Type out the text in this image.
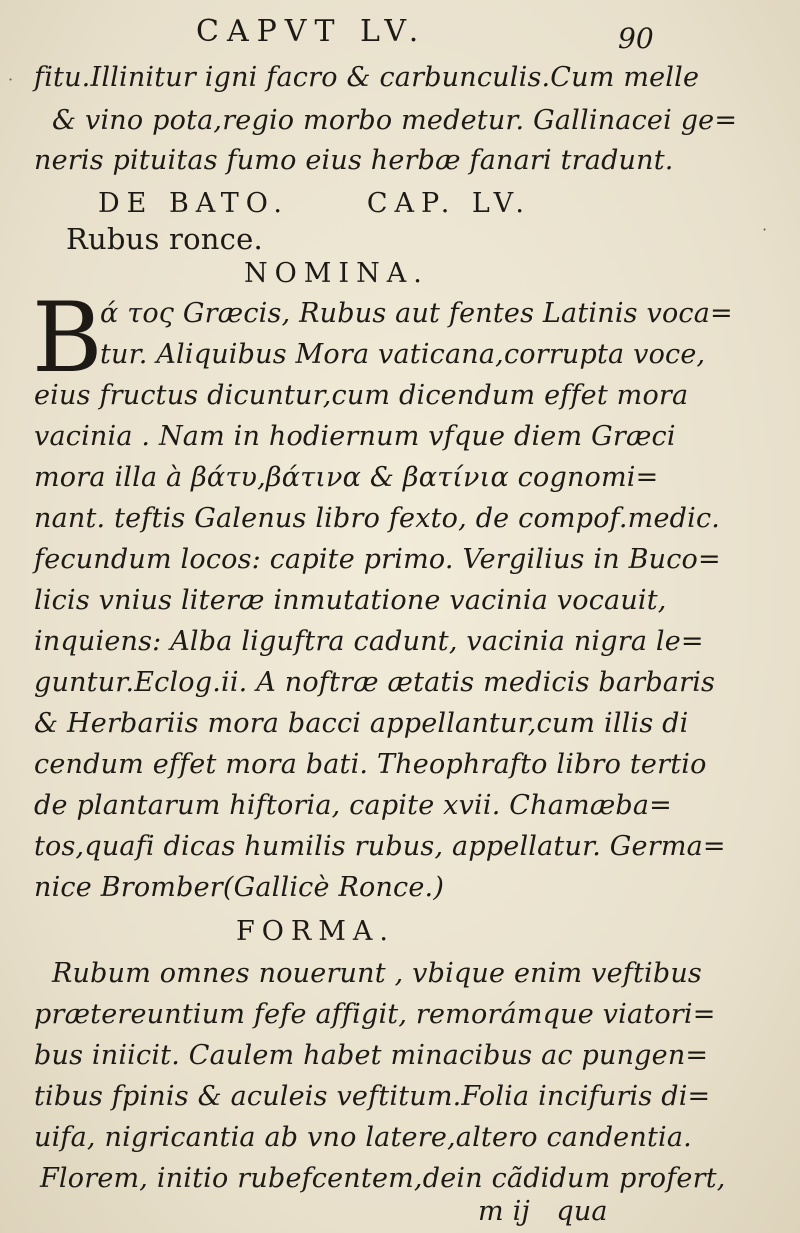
CAPVT LV.	90
fitu.Illinitur igni facro & carbunculis.Cum melle
& vino pota,regio morbo medetur. Gallinacei ge=
neris pituitas fumo eius herbæ fanari tradunt.
DE BATO.     CAP. LV.
Rubus ronce.
NOMINA.
B
ά τος Græcis, Rubus aut fentes Latinis voca=
tur. Aliquibus Mora vaticana,corrupta voce,
eius fructus dicuntur,cum dicendum effet mora
vacinia . Nam in hodiernum vfque diem Græci
mora illa à βάτυ,βάτινα & βατίνια cognomi=
nant. teftis Galenus libro fexto, de compof.medic.
fecundum locos: capite primo. Vergilius in Buco=
licis vnius literæ inmutatione vacinia vocauit,
inquiens: Alba liguftra cadunt, vacinia nigra le=
guntur.Eclog.ii. A noftræ ætatis medicis barbaris
& Herbariis mora bacci appellantur,cum illis di
cendum effet mora bati. Theophrafto libro tertio
de plantarum hiftoria, capite xvii. Chamæba=
tos,quafi dicas humilis rubus, appellatur. Germa=
nice Bromber(Gallicè Ronce.)
FORMA.
Rubum omnes nouerunt , vbique enim veftibus
prætereuntium fefe affigit, remorámque viatori=
bus iniicit. Caulem habet minacibus ac pungen=
tibus fpinis & aculeis veftitum.Folia incifuris di=
uifa, nigricantia ab vno latere,altero candentia.
Florem, initio rubefcentem,dein cãdidum profert,
m ij   qua
·
·
